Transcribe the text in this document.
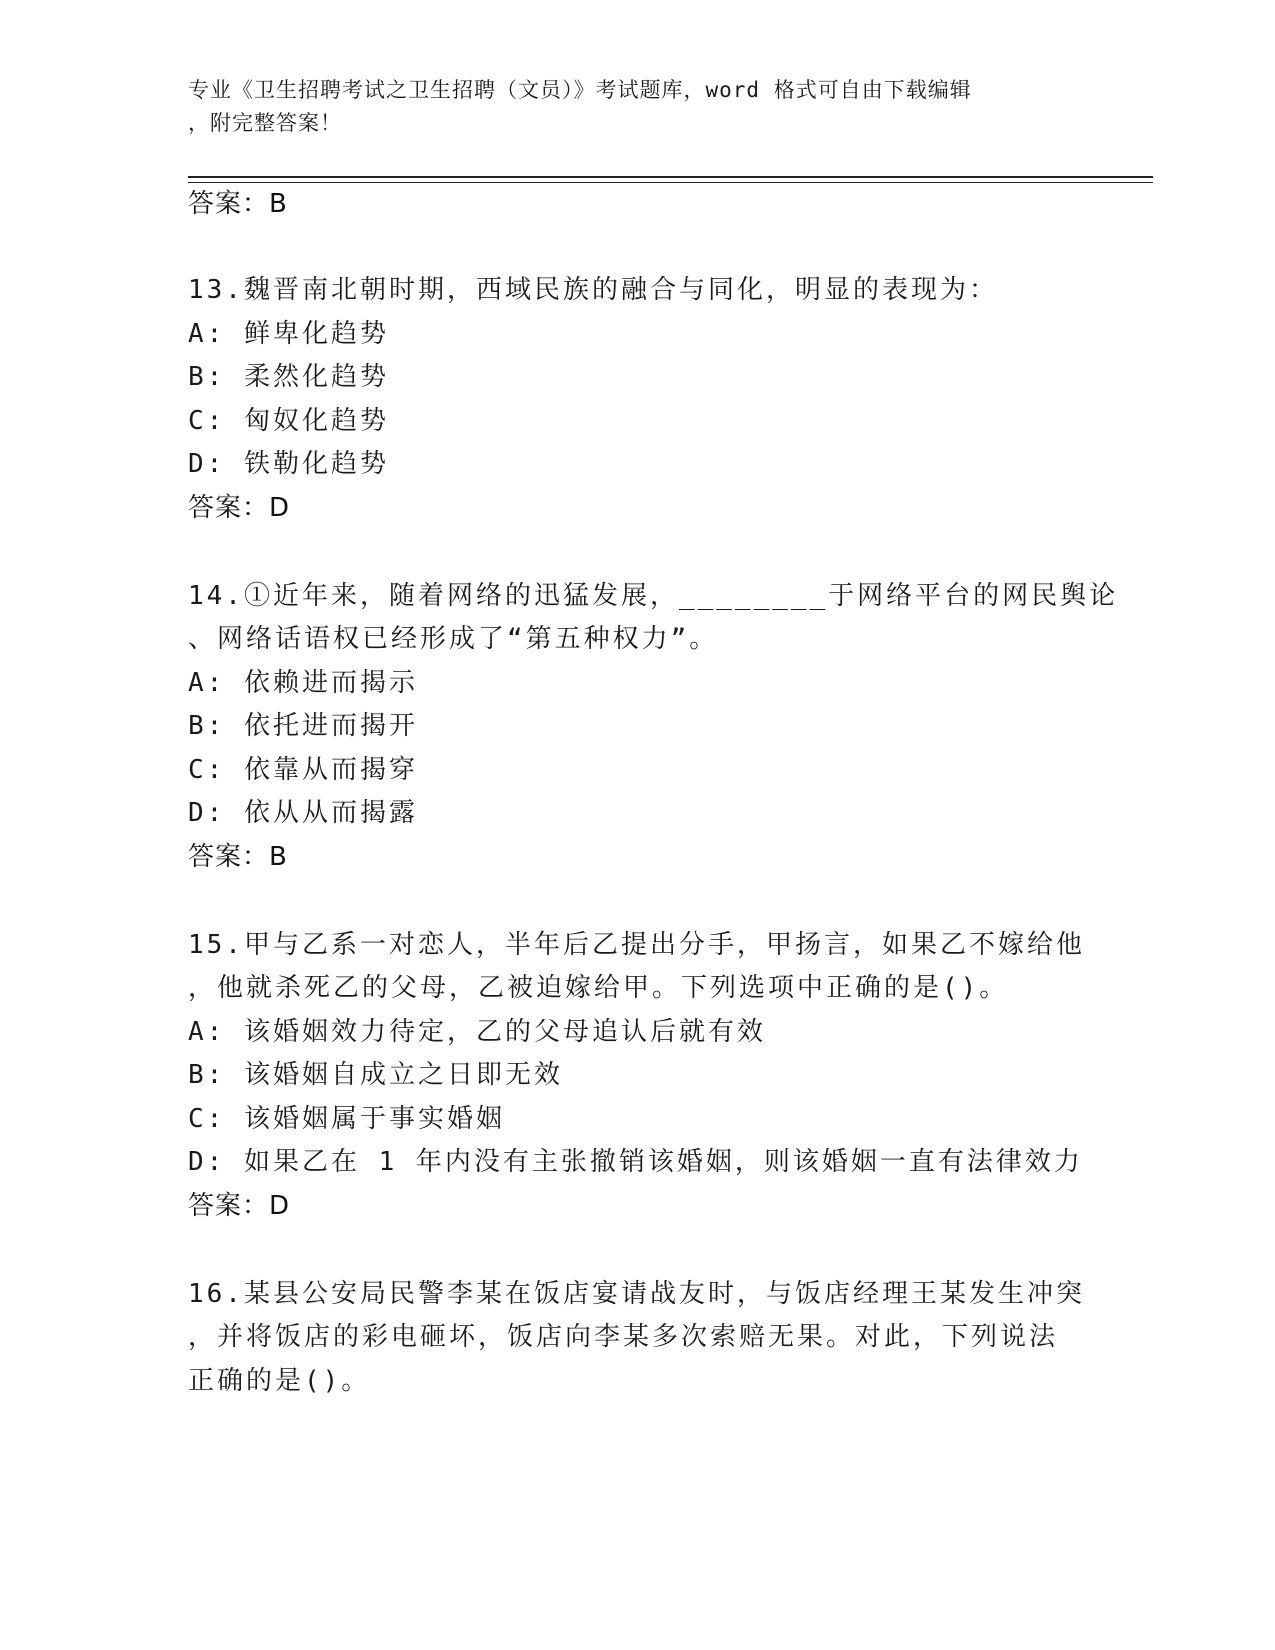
专业《卫生招聘考试之卫生招聘（文员）》考试题库，word 格式可自由下载编辑
，附完整答案！
答案：B
13.魏晋南北朝时期，西域民族的融合与同化，明显的表现为：
A: 鲜卑化趋势
B: 柔然化趋势
C: 匈奴化趋势
D: 铁勒化趋势
答案：D
14.①近年来，随着网络的迅猛发展，________于网络平台的网民舆论
、网络话语权已经形成了“第五种权力”。
A: 依赖进而揭示
B: 依托进而揭开
C: 依靠从而揭穿
D: 依从从而揭露
答案：B
15.甲与乙系一对恋人，半年后乙提出分手，甲扬言，如果乙不嫁给他
，他就杀死乙的父母，乙被迫嫁给甲。下列选项中正确的是()。
A: 该婚姻效力待定，乙的父母追认后就有效
B: 该婚姻自成立之日即无效
C: 该婚姻属于事实婚姻
D: 如果乙在 1 年内没有主张撤销该婚姻，则该婚姻一直有法律效力
答案：D
16.某县公安局民警李某在饭店宴请战友时，与饭店经理王某发生冲突
，并将饭店的彩电砸坏，饭店向李某多次索赔无果。对此，下列说法
正确的是()。
